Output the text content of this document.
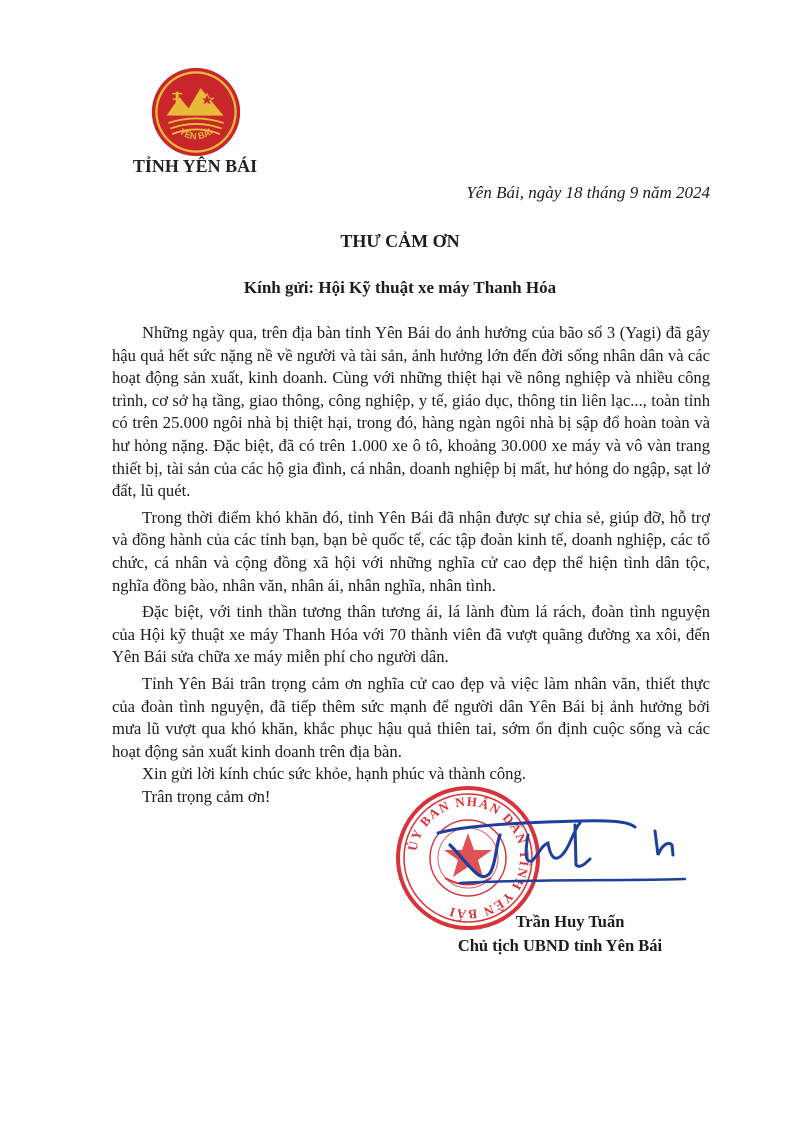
YÊN BÁI
TỈNH YÊN BÁI
Yên Bái, ngày 18 tháng 9 năm 2024
THƯ CẢM ƠN
Kính gửi: Hội Kỹ thuật xe máy Thanh Hóa

Những ngày qua, trên địa bàn tỉnh Yên Bái do ảnh hưởng của bão số 3 (Yagi) đã gây hậu quả hết sức nặng nề về người và tài sản, ảnh hưởng lớn đến đời sống nhân dân và các hoạt động sản xuất, kinh doanh. Cùng với những thiệt hại về nông nghiệp và nhiều công trình, cơ sở hạ tầng, giao thông, công nghiệp, y tế, giáo dục, thông tin liên lạc..., toàn tỉnh có trên 25.000 ngôi nhà bị thiệt hại, trong đó, hàng ngàn ngôi nhà bị sập đổ hoàn toàn và hư hỏng nặng. Đặc biệt, đã có trên 1.000 xe ô tô, khoảng 30.000 xe máy và vô vàn trang thiết bị, tài sản của các hộ gia đình, cá nhân, doanh nghiệp bị mất, hư hỏng do ngập, sạt lở đất, lũ quét.

Trong thời điểm khó khăn đó, tỉnh Yên Bái đã nhận được sự chia sẻ, giúp đỡ, hỗ trợ và đồng hành của các tỉnh bạn, bạn bè quốc tế, các tập đoàn kinh tế, doanh nghiệp, các tổ chức, cá nhân và cộng đồng xã hội với những nghĩa cử cao đẹp thể hiện tình dân tộc, nghĩa đồng bào, nhân văn, nhân ái, nhân nghĩa, nhân tình.

Đặc biệt, với tinh thần tương thân tương ái, lá lành đùm lá rách, đoàn tình nguyện của Hội kỹ thuật xe máy Thanh Hóa với 70 thành viên đã vượt quãng đường xa xôi, đến Yên Bái sửa chữa xe máy miễn phí cho người dân.

Tỉnh Yên Bái trân trọng cảm ơn nghĩa cử cao đẹp và việc làm nhân văn, thiết thực của đoàn tình nguyện, đã tiếp thêm sức mạnh để người dân Yên Bái bị ảnh hưởng bởi mưa lũ vượt qua khó khăn, khắc phục hậu quả thiên tai, sớm ổn định cuộc sống và các hoạt động sản xuất kinh doanh trên địa bàn.

Xin gửi lời kính chúc sức khỏe, hạnh phúc và thành công.

Trân trọng cảm ơn!

ỦY BAN NHÂN DÂN TỈNH YÊN BÁI	Trần Huy Tuấn
Chủ tịch UBND tỉnh Yên Bái
